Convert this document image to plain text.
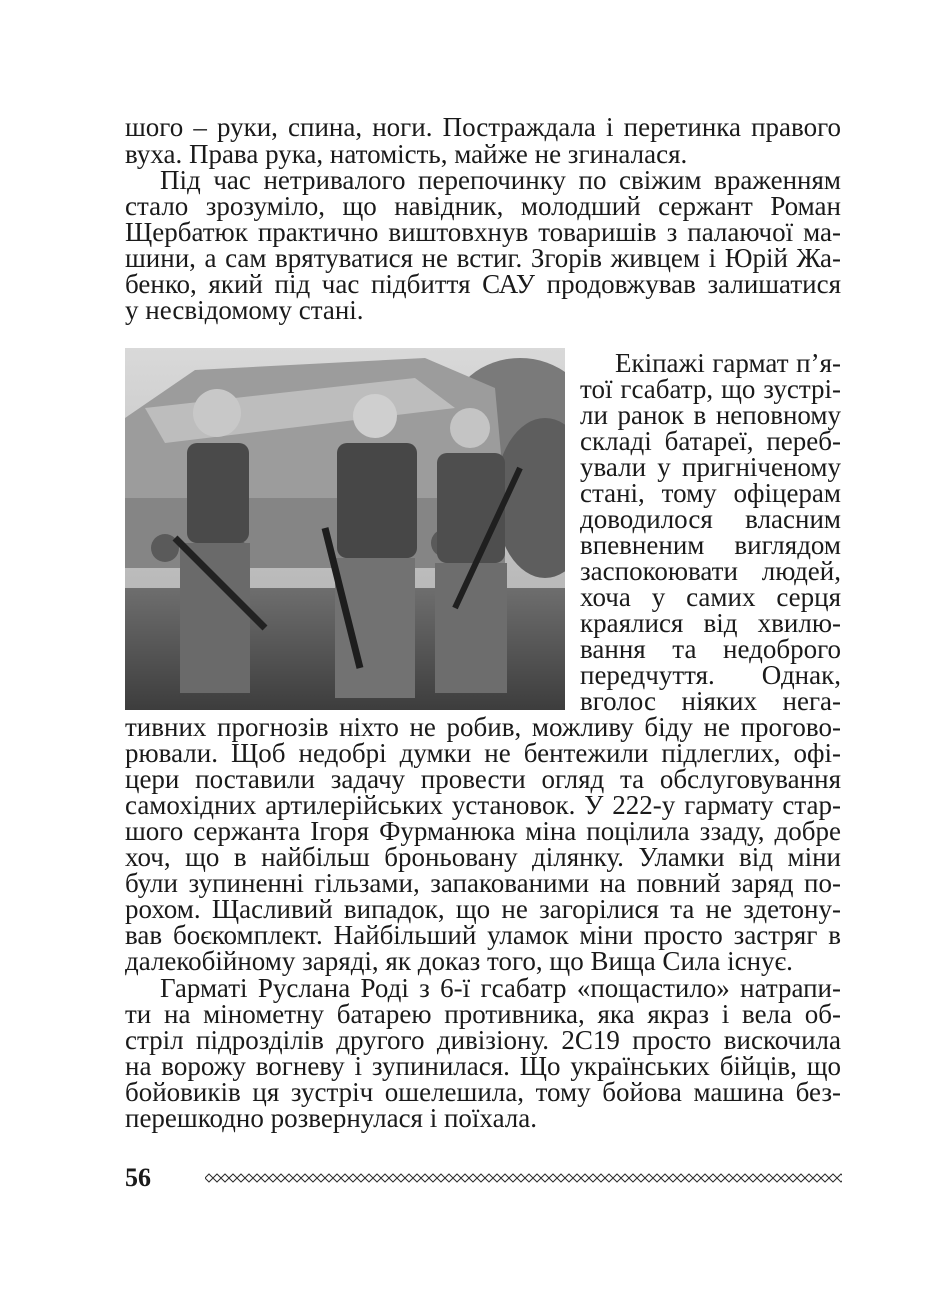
шого – руки, спина, ноги. Постраждала і перетинка правого
вуха. Права рука, натомість, майже не згиналася.
Під час нетривалого перепочинку по свіжим враженням
стало зрозуміло, що навідник, молодший сержант Роман
Щербатюк практично виштовхнув товаришів з палаючої ма-
шини, а сам врятуватися не встиг. Згорів живцем і Юрій Жа-
бенко, який під час підбиття САУ продовжував залишатися
у несвідомому стані.
Екіпажі гармат п’я-
тої гсабатр, що зустрі-
ли ранок в неповному
складі батареї, переб-
ували у пригніченому
стані, тому офіцерам
доводилося власним
впевненим виглядом
заспокоювати людей,
хоча у самих серця
краялися від хвилю-
вання та недоброго
передчуття. Однак,
вголос ніяких нега-
тивних прогнозів ніхто не робив, можливу біду не прогово-
рювали. Щоб недобрі думки не бентежили підлеглих, офі-
цери поставили задачу провести огляд та обслуговування
самохідних артилерійських установок. У 222-у гармату стар-
шого сержанта Ігоря Фурманюка міна поцілила ззаду, добре
хоч, що в найбільш броньовану ділянку. Уламки від міни
були зупиненні гільзами, запакованими на повний заряд по-
рохом. Щасливий випадок, що не загорілися та не здетону-
вав боєкомплект. Найбільший уламок міни просто застряг в
далекобійному заряді, як доказ того, що Вища Сила існує.
Гарматі Руслана Роді з 6-ї гсабатр «пощастило» натрапи-
ти на мінометну батарею противника, яка якраз і вела об-
стріл підрозділів другого дивізіону. 2С19 просто вискочила
на ворожу вогневу і зупинилася. Що українських бійців, що
бойовиків ця зустріч ошелешила, тому бойова машина без-
перешкодно розвернулася і поїхала.
56
